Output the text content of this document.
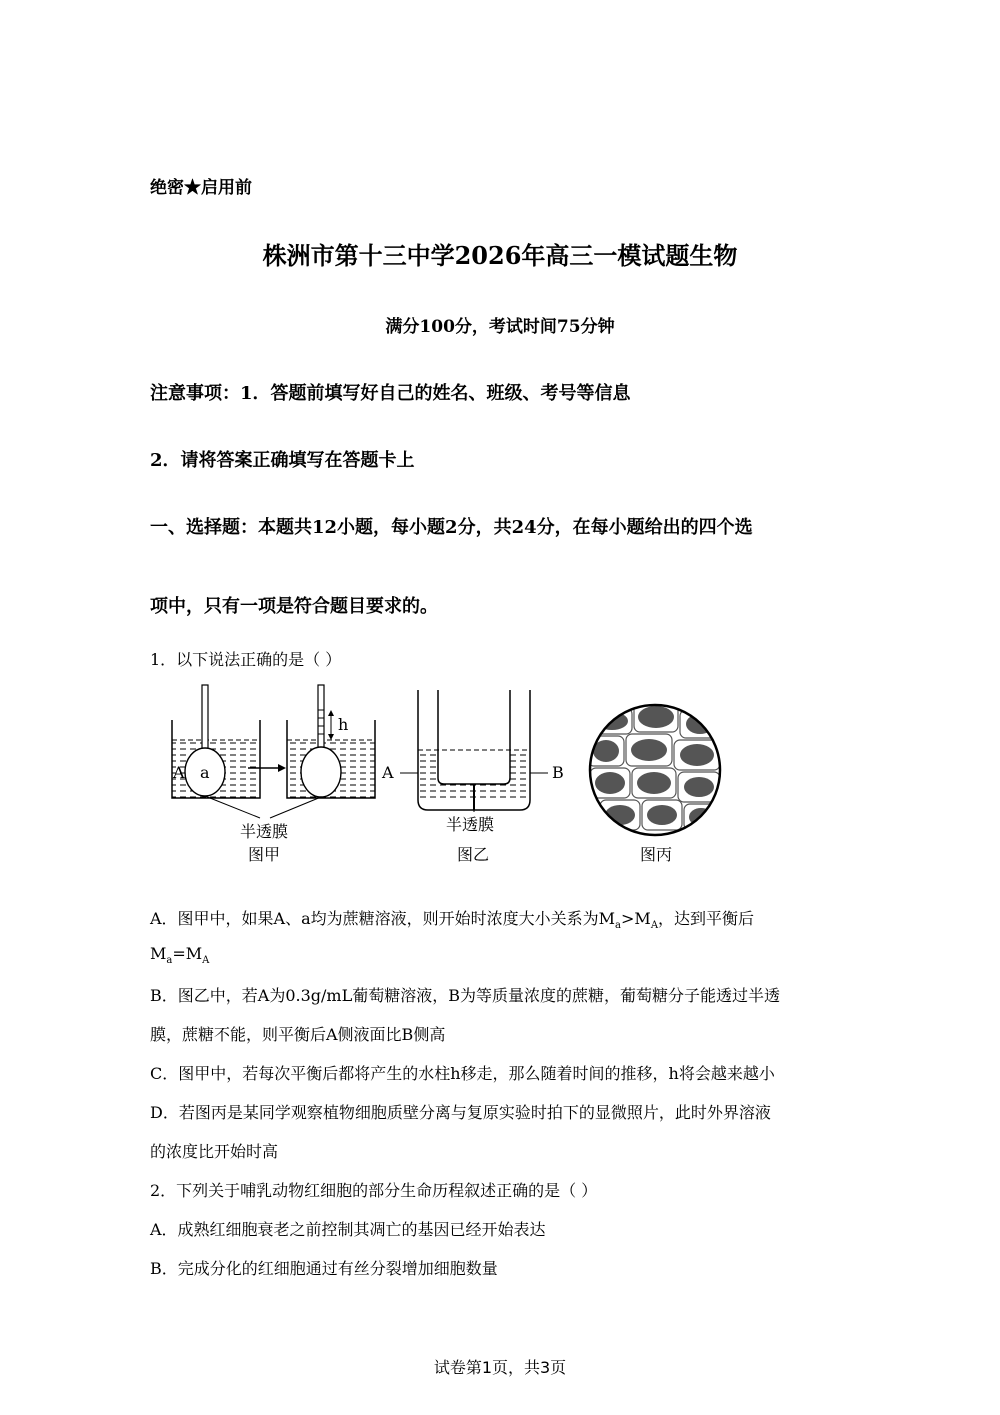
绝密★启用前
株洲市第十三中学2026年高三一模试题生物
满分100分，考试时间75分钟
注意事项：1．答题前填写好自己的姓名、班级、考号等信息
2．请将答案正确填写在答题卡上
一、选择题：本题共12小题，每小题2分，共24分，在每小题给出的四个选
项中，只有一项是符合题目要求的。
1．以下说法正确的是（ ）
A a
h
半透膜
图甲
A	B
半透膜
图乙	图丙
A．图甲中，如果A、a均为蔗糖溶液，则开始时浓度大小关系为$M_a>M_A$，达到平衡后
$M_a=M_A$
B．图乙中，若A为0.3g/mL葡萄糖溶液，B为等质量浓度的蔗糖，葡萄糖分子能透过半透
膜，蔗糖不能，则平衡后A侧液面比B侧高
C．图甲中，若每次平衡后都将产生的水柱h移走，那么随着时间的推移，h将会越来越小
D．若图丙是某同学观察植物细胞质壁分离与复原实验时拍下的显微照片，此时外界溶液
的浓度比开始时高
2．下列关于哺乳动物红细胞的部分生命历程叙述正确的是（ ）
A．成熟红细胞衰老之前控制其凋亡的基因已经开始表达
B．完成分化的红细胞通过有丝分裂增加细胞数量
试卷第1页，共3页
